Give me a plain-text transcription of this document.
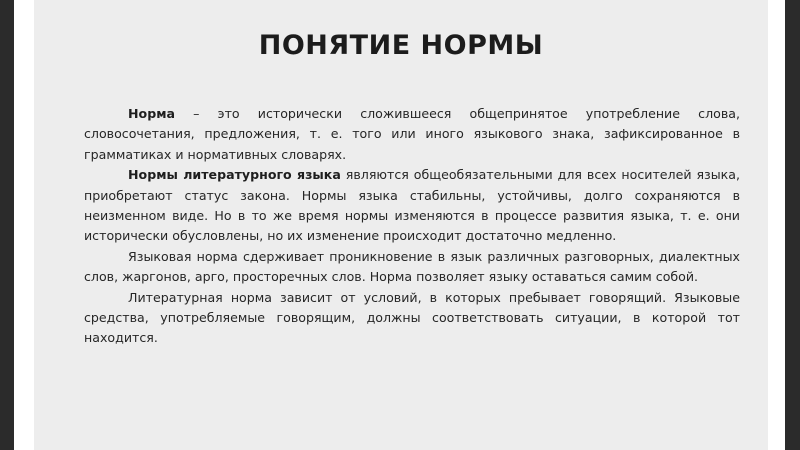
ПОНЯТИЕ НОРМЫ

Норма – это исторически сложившееся общепринятое употребление слова, словосочетания, предложения, т. е. того или иного языкового знака, зафиксированное в грамматиках и нормативных словарях.

Нормы литературного языка являются общеобязательными для всех носителей языка, приобретают статус закона. Нормы языка стабильны, устойчивы, долго сохраняются в неизменном виде. Но в то же время нормы изменяются в процессе развития языка, т. е. они исторически обусловлены, но их изменение происходит достаточно медленно.

Языковая норма сдерживает проникновение в язык различных разговорных, диалектных слов, жаргонов, арго, просторечных слов. Норма позволяет языку оставаться самим собой.

Литературная норма зависит от условий, в которых пребывает говорящий. Языковые средства, употребляемые говорящим, должны соответствовать ситуации, в которой тот находится.
